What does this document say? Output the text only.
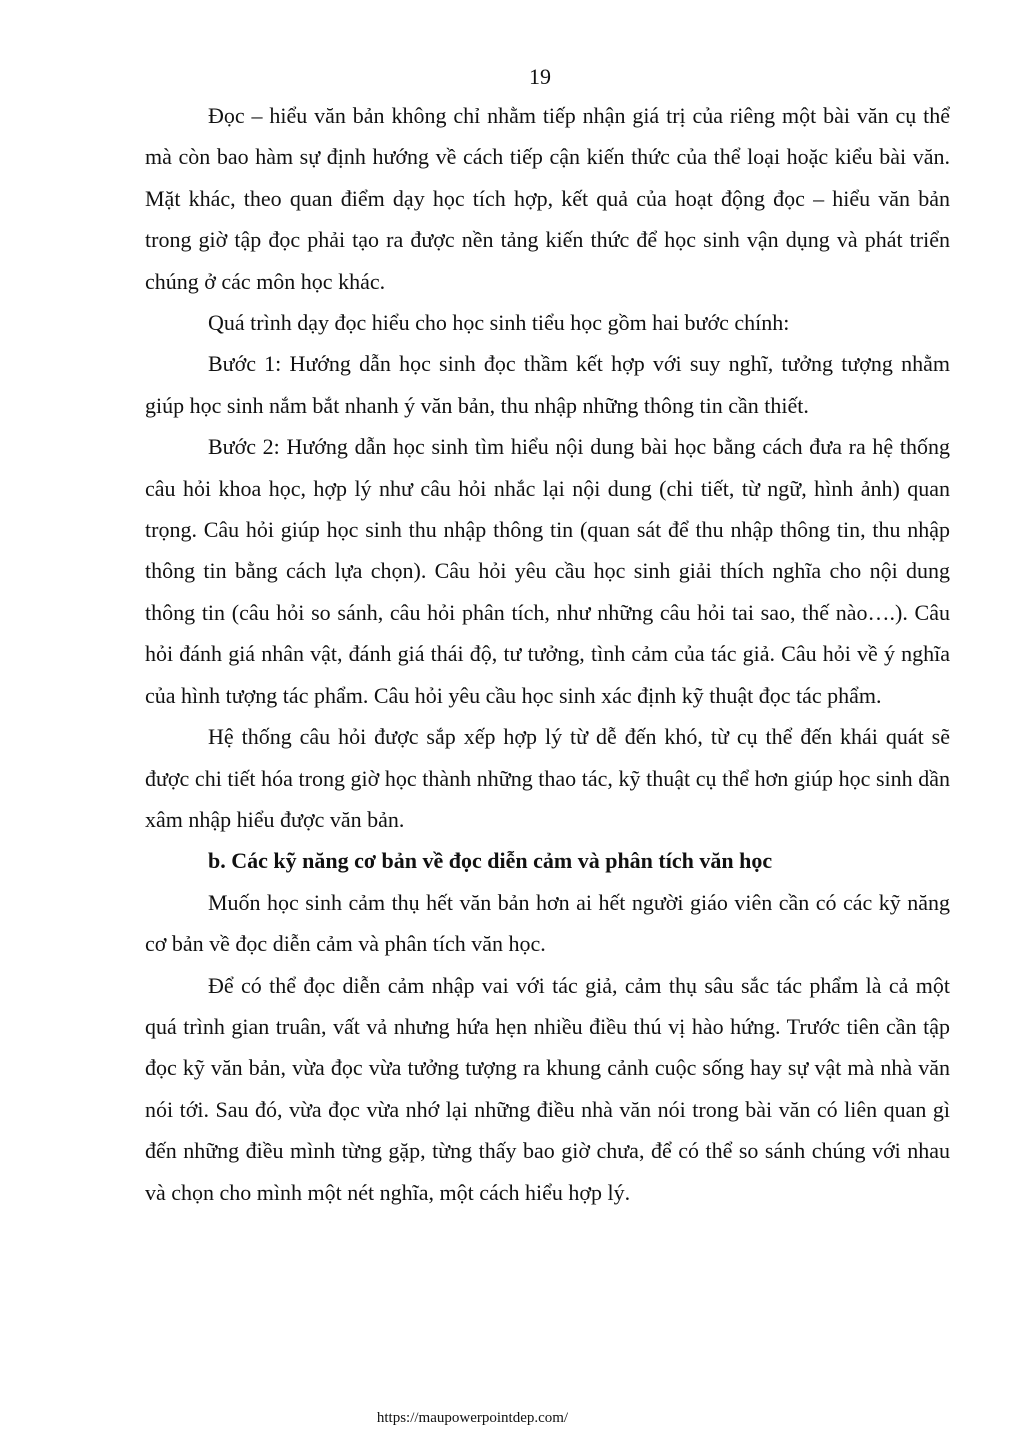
19

Đọc – hiểu văn bản không chỉ nhằm tiếp nhận giá trị của riêng một bài văn cụ thể mà còn bao hàm sự định hướng về cách tiếp cận kiến thức của thể loại hoặc kiểu bài văn. Mặt khác, theo quan điểm dạy học tích hợp, kết quả của hoạt động đọc – hiểu văn bản trong giờ tập đọc phải tạo ra được nền tảng kiến thức để học sinh vận dụng và phát triển chúng ở các môn học khác.

Quá trình dạy đọc hiểu cho học sinh tiểu học gồm hai bước chính:

Bước 1: Hướng dẫn học sinh đọc thầm kết hợp với suy nghĩ, tưởng tượng nhằm giúp học sinh nắm bắt nhanh ý văn bản, thu nhập những thông tin cần thiết.

Bước 2: Hướng dẫn học sinh tìm hiểu nội dung bài học bằng cách đưa ra hệ thống câu hỏi khoa học, hợp lý như câu hỏi nhắc lại nội dung (chi tiết, từ ngữ, hình ảnh) quan trọng. Câu hỏi giúp học sinh thu nhập thông tin (quan sát để thu nhập thông tin, thu nhập thông tin bằng cách lựa chọn). Câu hỏi yêu cầu học sinh giải thích nghĩa cho nội dung thông tin (câu hỏi so sánh, câu hỏi phân tích, như những câu hỏi tai sao, thế nào….). Câu hỏi đánh giá nhân vật, đánh giá thái độ, tư tưởng, tình cảm của tác giả. Câu hỏi về ý nghĩa của hình tượng tác phẩm. Câu hỏi yêu cầu học sinh xác định kỹ thuật đọc tác phẩm.

Hệ thống câu hỏi được sắp xếp hợp lý từ dễ đến khó, từ cụ thể đến khái quát sẽ được chi tiết hóa trong giờ học thành những thao tác, kỹ thuật cụ thể hơn giúp học sinh dần xâm nhập hiểu được văn bản.

b. Các kỹ năng cơ bản về đọc diễn cảm và phân tích văn học

Muốn học sinh cảm thụ hết văn bản hơn ai hết người giáo viên cần có các kỹ năng cơ bản về đọc diễn cảm và phân tích văn học.

Để có thể đọc diễn cảm nhập vai với tác giả, cảm thụ sâu sắc tác phẩm là cả một quá trình gian truân, vất vả nhưng hứa hẹn nhiều điều thú vị hào hứng. Trước tiên cần tập đọc kỹ văn bản, vừa đọc vừa tưởng tượng ra khung cảnh cuộc sống hay sự vật mà nhà văn nói tới. Sau đó, vừa đọc vừa nhớ lại những điều nhà văn nói trong bài văn có liên quan gì đến những điều mình từng gặp, từng thấy bao giờ chưa, để có thể so sánh chúng với nhau và chọn cho mình một nét nghĩa, một cách hiểu hợp lý.

https://maupowerpointdep.com/
